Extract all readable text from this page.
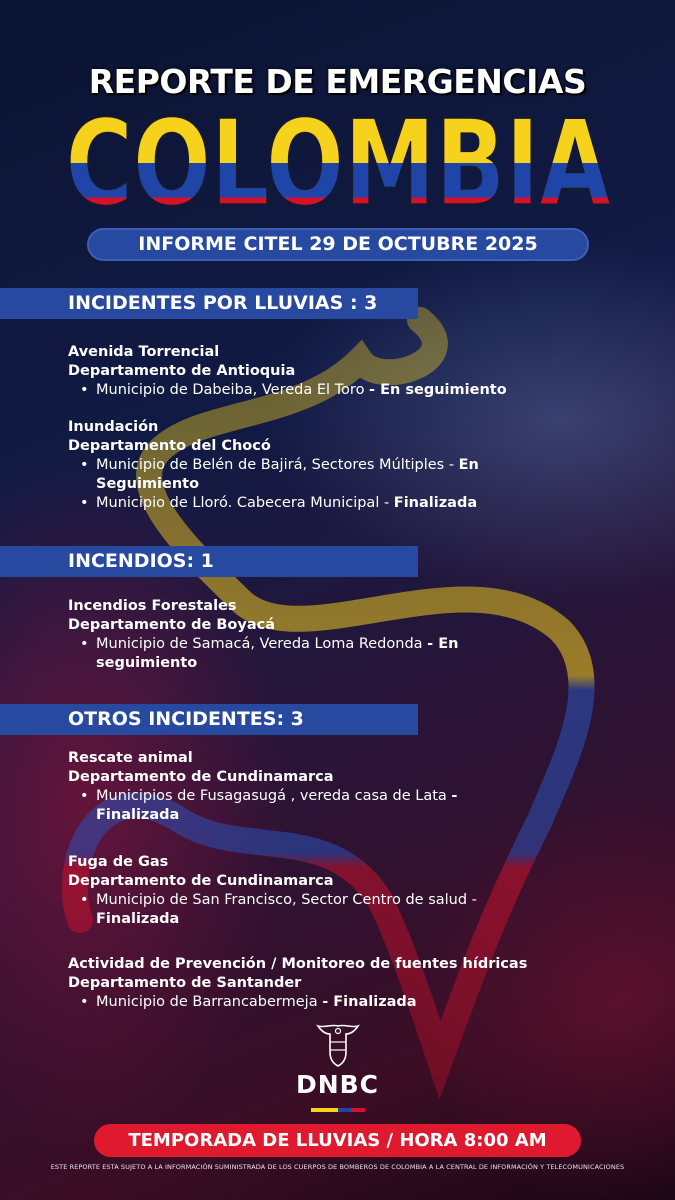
REPORTE DE EMERGENCIAS
COLOMBIA
INFORME CITEL 29 DE OCTUBRE 2025
INCIDENTES POR LLUVIAS : 3
Avenida Torrencial
Departamento de Antioquia
• Municipio de Dabeiba, Vereda El Toro - En seguimiento
Inundación
Departamento del Chocó
• Municipio de Belén de Bajirá, Sectores Múltiples - En Seguimiento
• Municipio de Lloró. Cabecera Municipal - Finalizada
INCENDIOS: 1
Incendios Forestales
Departamento de Boyacá
• Municipio de Samacá, Vereda Loma Redonda - En seguimiento
OTROS INCIDENTES: 3
Rescate animal
Departamento de Cundinamarca
• Municipios de Fusagasugá , vereda casa de Lata - Finalizada
Fuga de Gas
Departamento de Cundinamarca
• Municipio de San Francisco, Sector Centro de salud - Finalizada
Actividad de Prevención / Monitoreo de fuentes hídricas
Departamento de Santander
• Municipio de Barrancabermeja - Finalizada
DNBC
TEMPORADA DE LLUVIAS / HORA 8:00 AM
ESTE REPORTE ESTA SUJETO A LA INFORMACIÓN SUMINISTRADA DE LOS CUERPOS DE BOMBEROS DE COLOMBIA A LA CENTRAL DE INFORMACIÓN Y TELECOMUNICACIONES
